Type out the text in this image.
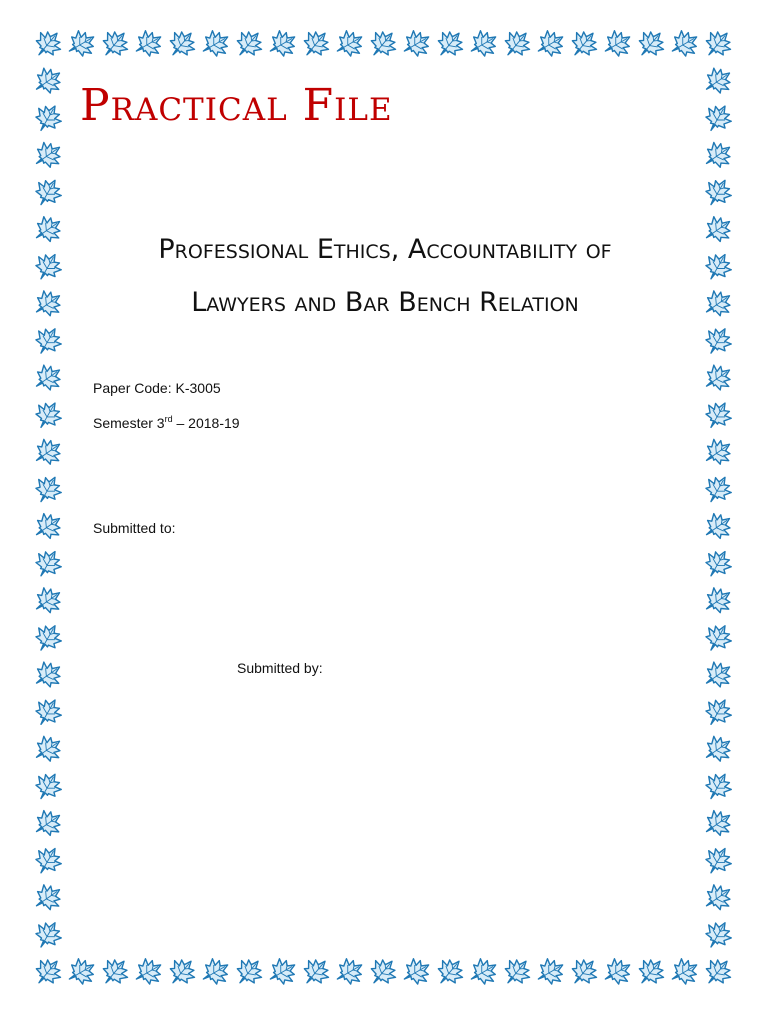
Practical File

Professional Ethics, Accountability of

Lawyers and Bar Bench Relation

Paper Code: K-3005

Semester 3rd – 2018-19

Submitted to:

Submitted by:
